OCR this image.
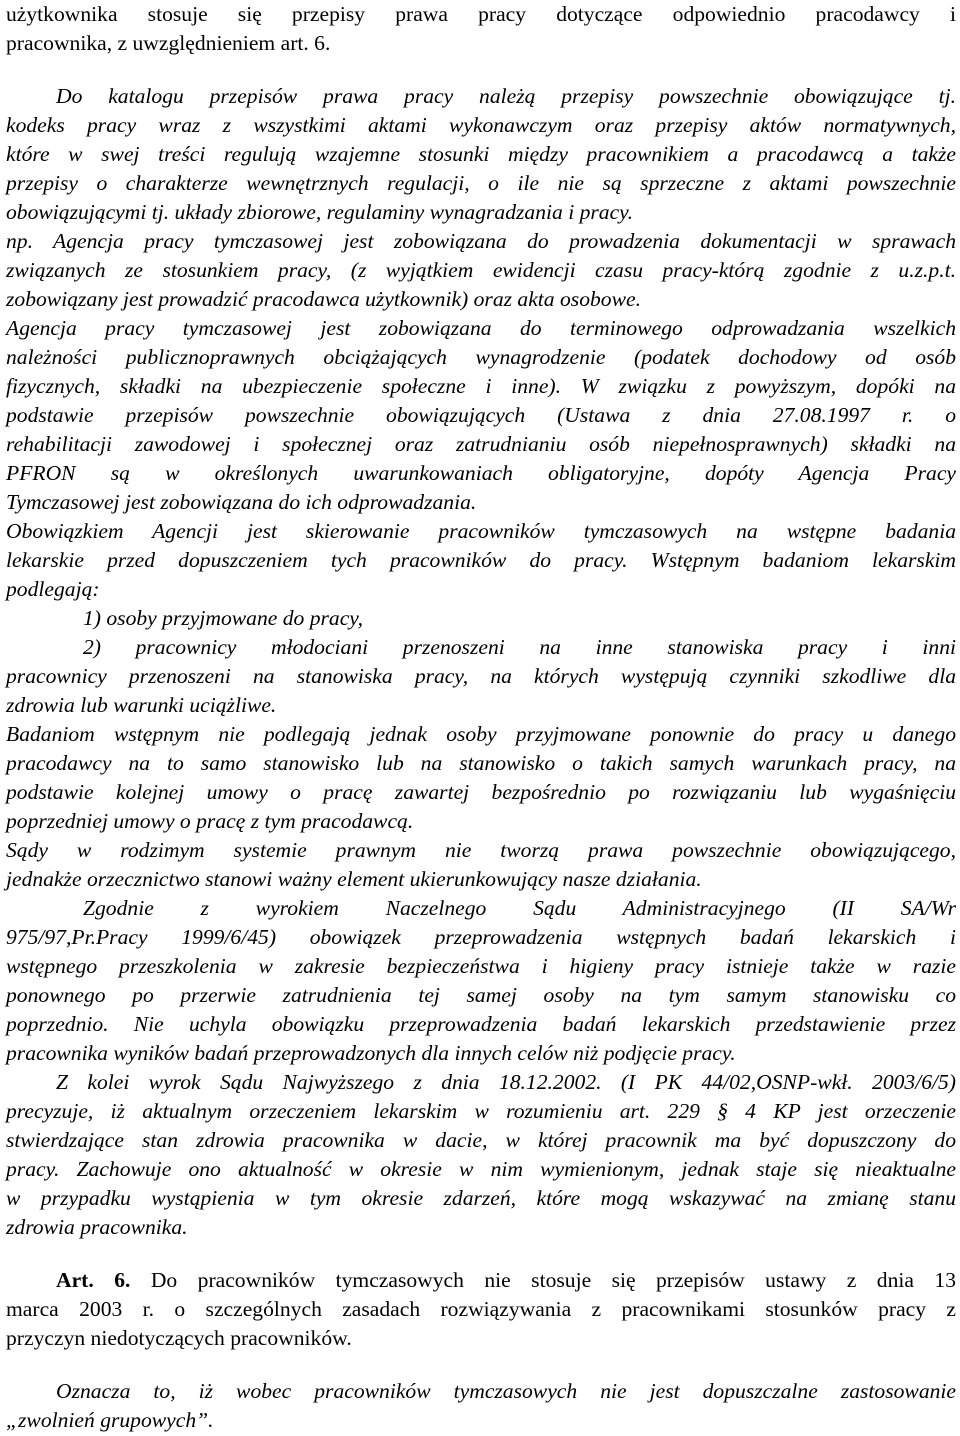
użytkownika stosuje się przepisy prawa pracy dotyczące odpowiednio pracodawcy i
pracownika, z uwzględnieniem art. 6.
Do katalogu przepisów prawa pracy należą przepisy powszechnie obowiązujące tj.
kodeks pracy wraz z wszystkimi aktami wykonawczym oraz przepisy aktów normatywnych,
które w swej treści regulują wzajemne stosunki między pracownikiem a pracodawcą a także
przepisy o charakterze wewnętrznych regulacji, o ile nie są sprzeczne z aktami powszechnie
obowiązującymi tj. układy zbiorowe, regulaminy wynagradzania i pracy.
np. Agencja pracy tymczasowej jest zobowiązana do prowadzenia dokumentacji w sprawach
związanych ze stosunkiem pracy, (z wyjątkiem ewidencji czasu pracy-którą zgodnie z u.z.p.t.
zobowiązany jest prowadzić pracodawca użytkownik) oraz akta osobowe.
Agencja pracy tymczasowej jest zobowiązana do terminowego odprowadzania wszelkich
należności publicznoprawnych obciążających wynagrodzenie (podatek dochodowy od osób
fizycznych, składki na ubezpieczenie społeczne i inne). W związku z powyższym, dopóki na
podstawie przepisów powszechnie obowiązujących (Ustawa z dnia 27.08.1997 r. o
rehabilitacji zawodowej i społecznej oraz zatrudnianiu osób niepełnosprawnych) składki na
PFRON są w określonych uwarunkowaniach obligatoryjne, dopóty Agencja Pracy
Tymczasowej jest zobowiązana do ich odprowadzania.
Obowiązkiem Agencji jest skierowanie pracowników tymczasowych na wstępne badania
lekarskie przed dopuszczeniem tych pracowników do pracy. Wstępnym badaniom lekarskim
podlegają:
1) osoby przyjmowane do pracy,
2) pracownicy młodociani przenoszeni na inne stanowiska pracy i inni
pracownicy przenoszeni na stanowiska pracy, na których występują czynniki szkodliwe dla
zdrowia lub warunki uciążliwe.
Badaniom wstępnym nie podlegają jednak osoby przyjmowane ponownie do pracy u danego
pracodawcy na to samo stanowisko lub na stanowisko o takich samych warunkach pracy, na
podstawie kolejnej umowy o pracę zawartej bezpośrednio po rozwiązaniu lub wygaśnięciu
poprzedniej umowy o pracę z tym pracodawcą.
Sądy w rodzimym systemie prawnym nie tworzą prawa powszechnie obowiązującego,
jednakże orzecznictwo stanowi ważny element ukierunkowujący nasze działania.
Zgodnie z wyrokiem Naczelnego Sądu Administracyjnego (II SA/Wr
975/97,Pr.Pracy 1999/6/45) obowiązek przeprowadzenia wstępnych badań lekarskich i
wstępnego przeszkolenia w zakresie bezpieczeństwa i higieny pracy istnieje także w razie
ponownego po przerwie zatrudnienia tej samej osoby na tym samym stanowisku co
poprzednio. Nie uchyla obowiązku przeprowadzenia badań lekarskich przedstawienie przez
pracownika wyników badań przeprowadzonych dla innych celów niż podjęcie pracy.
Z kolei wyrok Sądu Najwyższego z dnia 18.12.2002. (I PK 44/02,OSNP-wkł. 2003/6/5)
precyzuje, iż aktualnym orzeczeniem lekarskim w rozumieniu art. 229 § 4 KP jest orzeczenie
stwierdzające stan zdrowia pracownika w dacie, w której pracownik ma być dopuszczony do
pracy. Zachowuje ono aktualność w okresie w nim wymienionym, jednak staje się nieaktualne
w przypadku wystąpienia w tym okresie zdarzeń, które mogą wskazywać na zmianę stanu
zdrowia pracownika.
Art. 6. Do pracowników tymczasowych nie stosuje się przepisów ustawy z dnia 13
marca 2003 r. o szczególnych zasadach rozwiązywania z pracownikami stosunków pracy z
przyczyn niedotyczących pracowników.
Oznacza to, iż wobec pracowników tymczasowych nie jest dopuszczalne zastosowanie
„zwolnień grupowych”.
